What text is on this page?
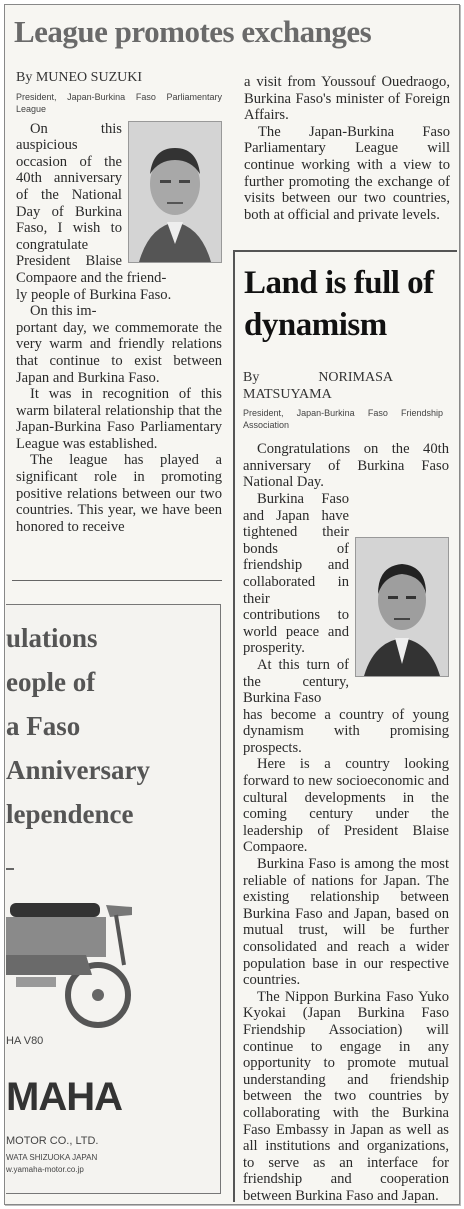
League promotes exchanges
By MUNEO SUZUKI
President, Japan-Burkina Faso Parliamentary League

On this auspicious occasion of the 40th anniversary of the National Day of Burkina Faso, I wish to congratulate President Blaise Compaore and the friend-

ly people of Burkina Faso.

On this im-

portant day, we commemorate the very warm and friendly relations that continue to exist between Japan and Burkina Faso.

It was in recognition of this warm bilateral relationship that the Japan-Burkina Faso Parliamentary League was established.

The league has played a significant role in promoting positive relations between our two countries. This year, we have been honored to receive

a visit from Youssouf Ouedraogo, Burkina Faso's minister of Foreign Affairs.

The Japan-Burkina Faso Parliamentary League will continue working with a view to further promoting the exchange of visits between our two countries, both at official and private levels.

ulations
eople of
a Faso
Anniversary
lependence
HA V80
MAHA
MOTOR CO., LTD.
WATA SHIZUOKA JAPAN
w.yamaha-motor.co.jp
Land is full of dynamism
By NORIMASA MATSUYAMA
President, Japan-Burkina Faso Friendship Association

Congratulations on the 40th anniversary of Burkina Faso National Day.

Burkina Faso and Japan have tightened their bonds of friendship and collaborated in their contributions to world peace and prosperity.

At this turn of the century, Burkina Faso

has become a country of young dynamism with promising prospects.

Here is a country looking forward to new socioeconomic and cultural developments in the coming century under the leadership of President Blaise Compaore.

Burkina Faso is among the most reliable of nations for Japan. The existing relationship between Burkina Faso and Japan, based on mutual trust, will be further consolidated and reach a wider population base in our respective countries.

The Nippon Burkina Faso Yuko Kyokai (Japan Burkina Faso Friendship Association) will continue to engage in any opportunity to promote mutual understanding and friendship between the two countries by collaborating with the Burkina Faso Embassy in Japan as well as all institutions and organizations, to serve as an interface for friendship and cooperation between Burkina Faso and Japan.
